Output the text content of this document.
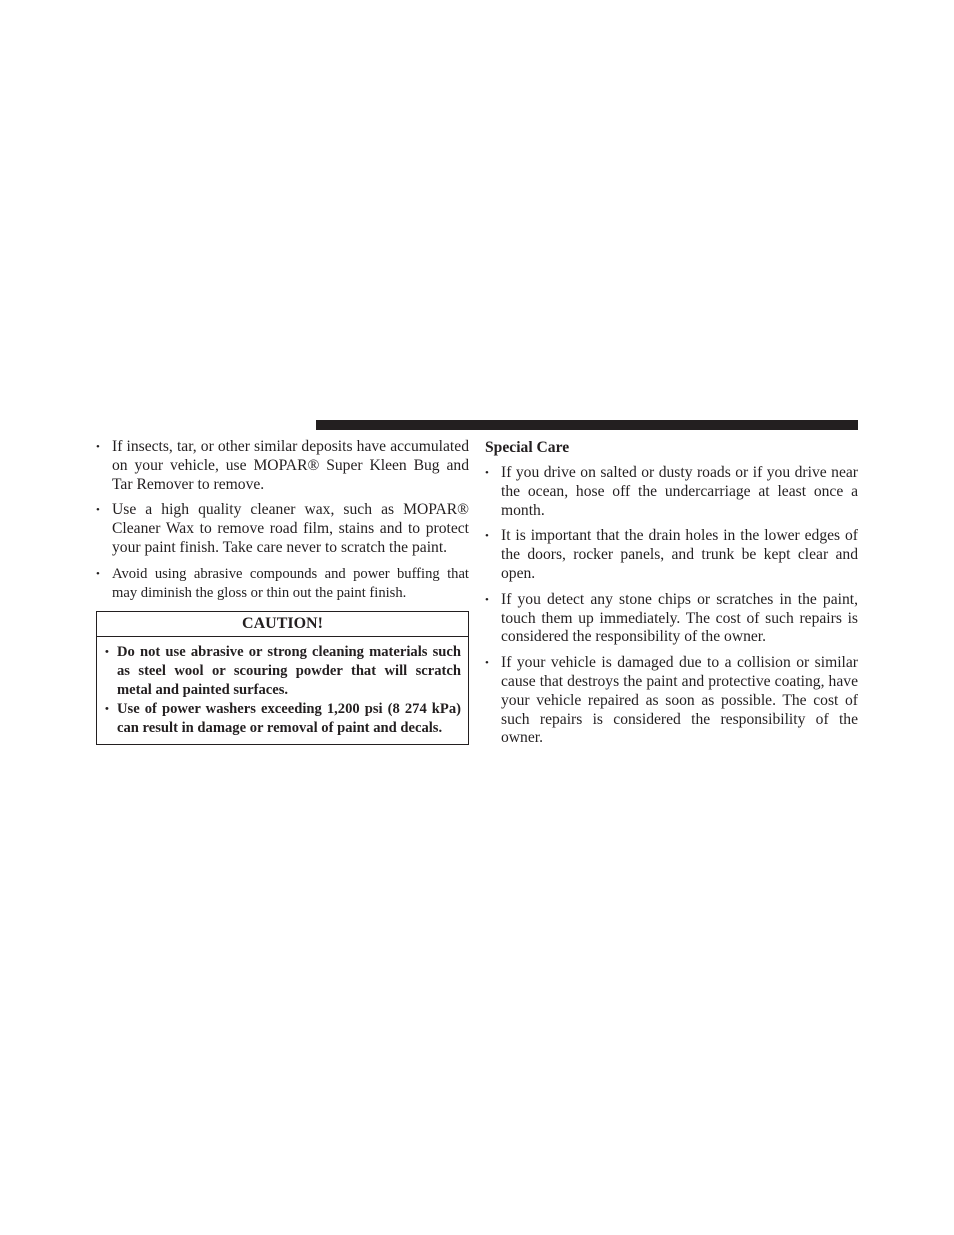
• If insects, tar, or other similar deposits have accumulated on your vehicle, use MOPAR® Super Kleen Bug and Tar Remover to remove.
• Use a high quality cleaner wax, such as MOPAR® Cleaner Wax to remove road film, stains and to protect your paint finish. Take care never to scratch the paint.
• Avoid using abrasive compounds and power buffing that may diminish the gloss or thin out the paint finish.
CAUTION!
• Do not use abrasive or strong cleaning materials such as steel wool or scouring powder that will scratch metal and painted surfaces.
• Use of power washers exceeding 1,200 psi (8 274 kPa) can result in damage or removal of paint and decals.
Special Care
• If you drive on salted or dusty roads or if you drive near the ocean, hose off the undercarriage at least once a month.
• It is important that the drain holes in the lower edges of the doors, rocker panels, and trunk be kept clear and open.
• If you detect any stone chips or scratches in the paint, touch them up immediately. The cost of such repairs is considered the responsibility of the owner.
• If your vehicle is damaged due to a collision or similar cause that destroys the paint and protective coating, have your vehicle repaired as soon as possible. The cost of such repairs is considered the responsibility of the owner.
